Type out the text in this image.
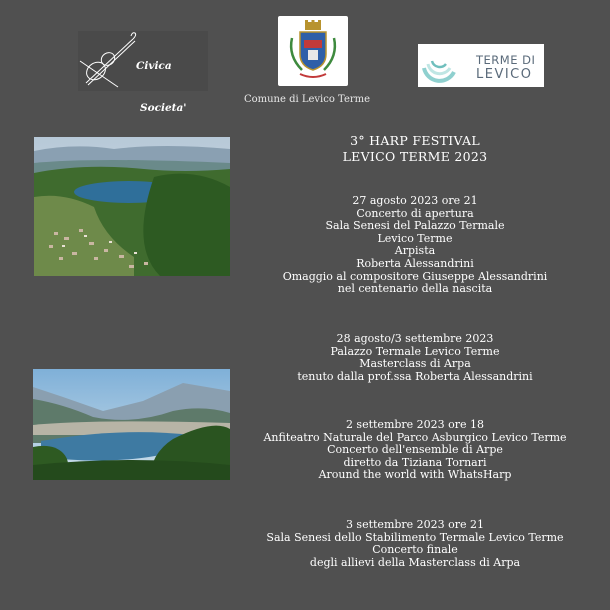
Civica

Societa'

Comune di Levico Terme
TERME DI
LEVICO
3° HARP FESTIVAL
LEVICO TERME 2023
27 agosto 2023 ore 21
Concerto di apertura
Sala Senesi del Palazzo Termale
Levico Terme
Arpista
Roberta Alessandrini
Omaggio al compositore Giuseppe Alessandrini
nel centenario della nascita
28 agosto/3 settembre 2023
Palazzo Termale Levico Terme
Masterclass di Arpa
tenuto dalla prof.ssa Roberta Alessandrini
2 settembre 2023 ore 18
Anfiteatro Naturale del Parco Asburgico Levico Terme
Concerto dell'ensemble di Arpe
diretto da Tiziana Tornari
Around the world with WhatsHarp
3 settembre 2023 ore 21
Sala Senesi dello Stabilimento Termale Levico Terme
Concerto finale
degli allievi della Masterclass di Arpa
